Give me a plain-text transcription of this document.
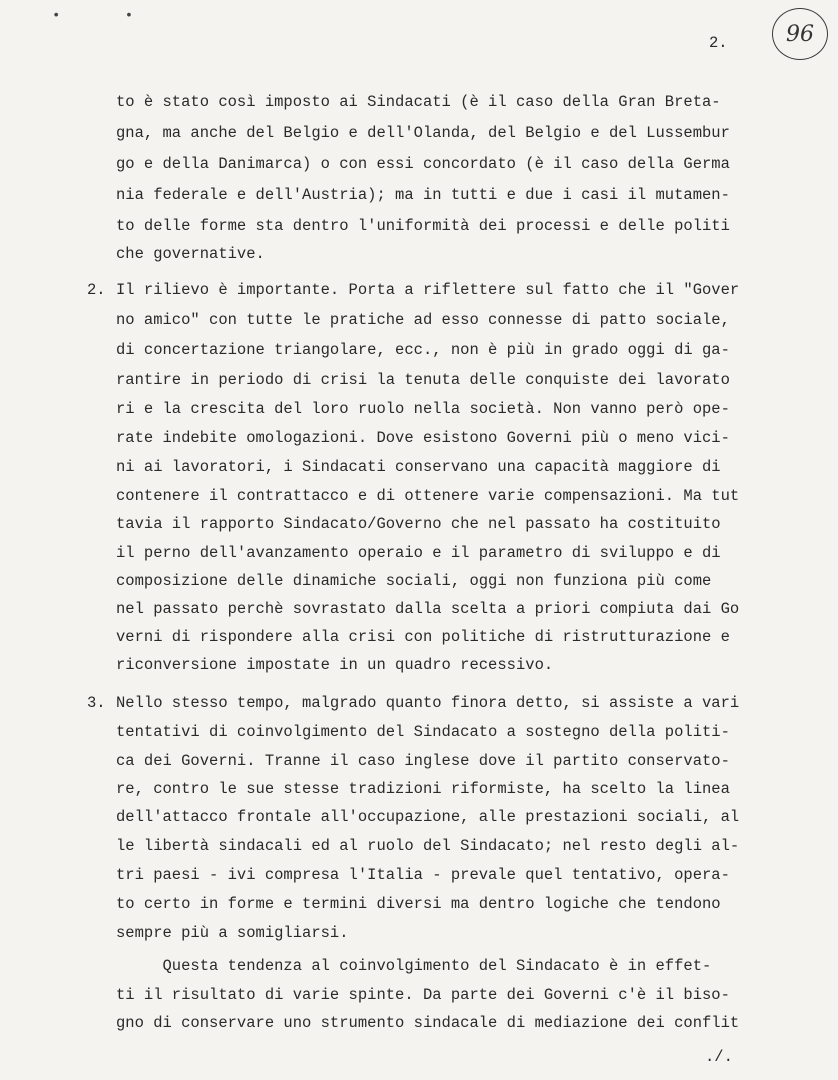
• •
2.	96
to è stato così imposto ai Sindacati (è il caso della Gran Breta-
gna, ma anche del Belgio e dell'Olanda, del Belgio e del Lussembur
go e della Danimarca) o con essi concordato (è il caso della Germa
nia federale e dell'Austria); ma in tutti e due i casi il mutamen-
to delle forme sta dentro l'uniformità dei processi e delle politi
che governative.
2. Il rilievo è importante. Porta a riflettere sul fatto che il "Gover
no amico" con tutte le pratiche ad esso connesse di patto sociale,
di concertazione triangolare, ecc., non è più in grado oggi di ga-
rantire in periodo di crisi la tenuta delle conquiste dei lavorato
ri e la crescita del loro ruolo nella società. Non vanno però ope-
rate indebite omologazioni. Dove esistono Governi più o meno vici-
ni ai lavoratori, i Sindacati conservano una capacità maggiore di
contenere il contrattacco e di ottenere varie compensazioni. Ma tut
tavia il rapporto Sindacato/Governo che nel passato ha costituito
il perno dell'avanzamento operaio e il parametro di sviluppo e di
composizione delle dinamiche sociali, oggi non funziona più come
nel passato perchè sovrastato dalla scelta a priori compiuta dai Go
verni di rispondere alla crisi con politiche di ristrutturazione e
riconversione impostate in un quadro recessivo.
3. Nello stesso tempo, malgrado quanto finora detto, si assiste a vari
tentativi di coinvolgimento del Sindacato a sostegno della politi-
ca dei Governi. Tranne il caso inglese dove il partito conservato-
re, contro le sue stesse tradizioni riformiste, ha scelto la linea
dell'attacco frontale all'occupazione, alle prestazioni sociali, al
le libertà sindacali ed al ruolo del Sindacato; nel resto degli al-
tri paesi - ivi compresa l'Italia - prevale quel tentativo, opera-
to certo in forme e termini diversi ma dentro logiche che tendono
sempre più a somigliarsi.
Questa tendenza al coinvolgimento del Sindacato è in effet-
ti il risultato di varie spinte. Da parte dei Governi c'è il biso-
gno di conservare uno strumento sindacale di mediazione dei conflit
./.
